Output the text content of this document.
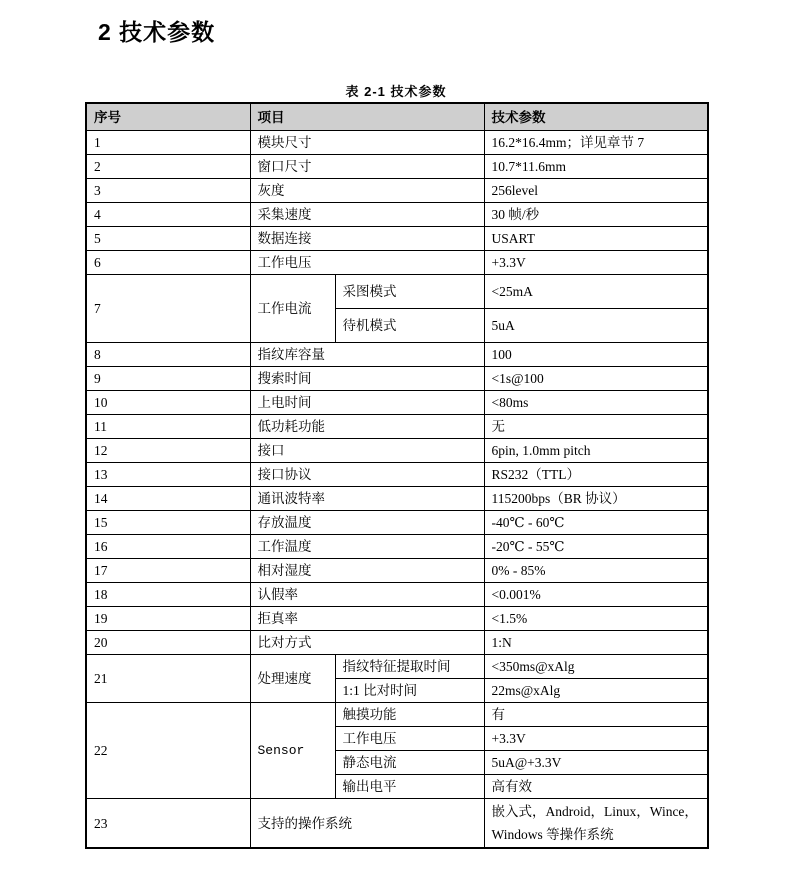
2 技术参数
表 2-1 技术参数
序号	项目		技术参数
1	模块尺寸		16.2*16.4mm；详见章节 7
2	窗口尺寸		10.7*11.6mm
3	灰度		256level
4	采集速度		30 帧/秒
5	数据连接		USART
6	工作电压		+3.3V
7	工作电流	采图模式	<25mA
		待机模式	5uA
8	指纹库容量		100
9	搜索时间		<1s@100
10	上电时间		<80ms
11	低功耗功能		无
12	接口		6pin, 1.0mm pitch
13	接口协议		RS232（TTL）
14	通讯波特率		115200bps（BR 协议）
15	存放温度		-40℃ - 60℃
16	工作温度		-20℃ - 55℃
17	相对湿度		0% - 85%
18	认假率		<0.001%
19	拒真率		<1.5%
20	比对方式		1:N
21	处理速度	指纹特征提取时间	<350ms@xAlg
		1:1 比对时间	22ms@xAlg
22	Sensor	触摸功能	有
		工作电压	+3.3V
		静态电流	5uA@+3.3V
		输出电平	高有效
23	支持的操作系统		嵌入式，Android，Linux，Wince，Windows 等操作系统
